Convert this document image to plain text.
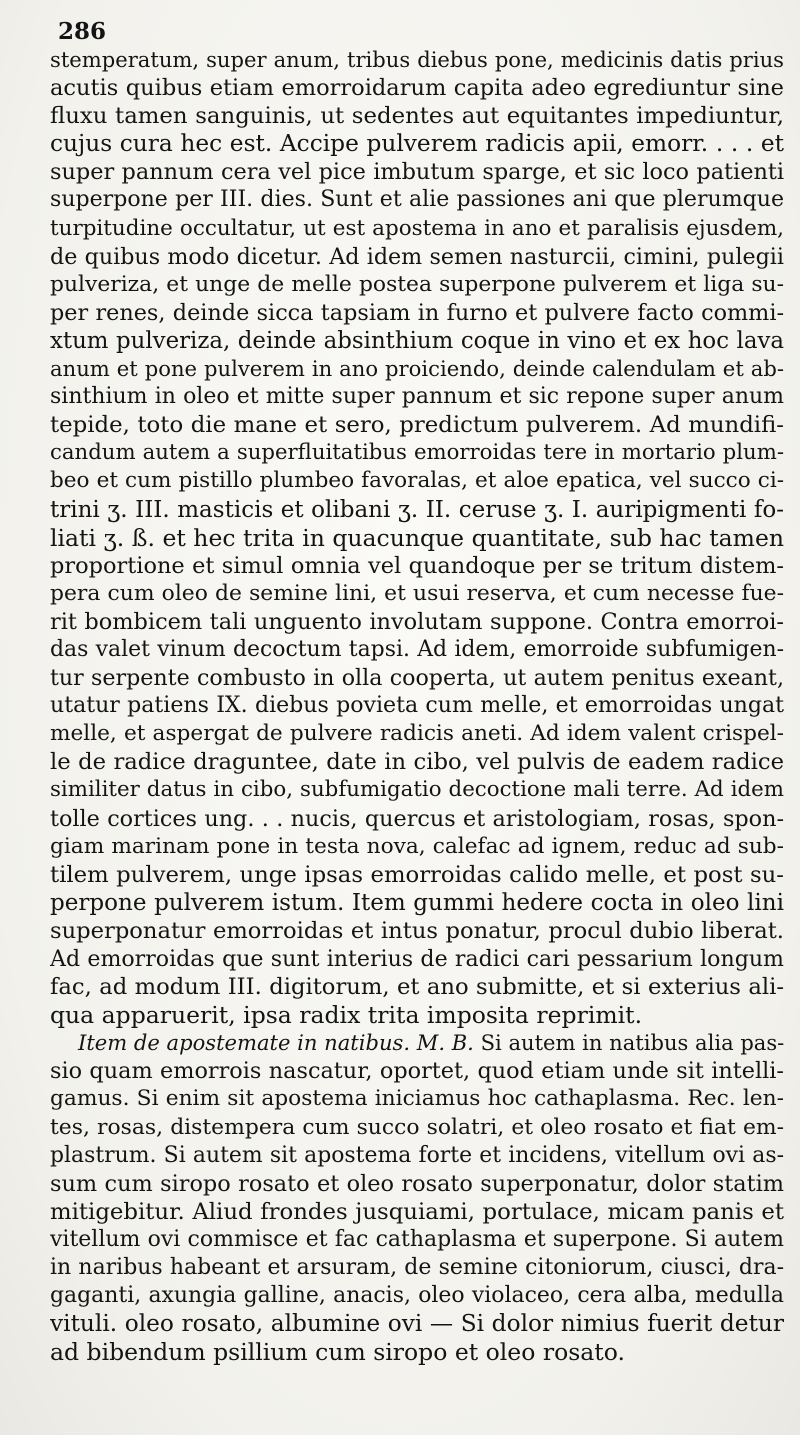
286
stemperatum, super anum, tribus diebus pone, medicinis datis prius
acutis quibus etiam emorroidarum capita adeo egrediuntur sine
fluxu tamen sanguinis, ut sedentes aut equitantes impediuntur,
cujus cura hec est. Accipe pulverem radicis apii, emorr. . . . et
super pannum cera vel pice imbutum sparge, et sic loco patienti
superpone per III. dies. Sunt et alie passiones ani que plerumque
turpitudine occultatur, ut est apostema in ano et paralisis ejusdem,
de quibus modo dicetur. Ad idem semen nasturcii, cimini, pulegii
pulveriza, et unge de melle postea superpone pulverem et liga su-
per renes, deinde sicca tapsiam in furno et pulvere facto commi-
xtum pulveriza, deinde absinthium coque in vino et ex hoc lava
anum et pone pulverem in ano proiciendo, deinde calendulam et ab-
sinthium in oleo et mitte super pannum et sic repone super anum
tepide, toto die mane et sero, predictum pulverem. Ad mundifi-
candum autem a superfluitatibus emorroidas tere in mortario plum-
beo et cum pistillo plumbeo favoralas, et aloe epatica, vel succo ci-
trini ʒ. III. masticis et olibani ʒ. II. ceruse ʒ. I. auripigmenti fo-
liati ʒ. ß. et hec trita in quacunque quantitate, sub hac tamen
proportione et simul omnia vel quandoque per se tritum distem-
pera cum oleo de semine lini, et usui reserva, et cum necesse fue-
rit bombicem tali unguento involutam suppone. Contra emorroi-
das valet vinum decoctum tapsi. Ad idem, emorroide subfumigen-
tur serpente combusto in olla cooperta, ut autem penitus exeant,
utatur patiens IX. diebus povieta cum melle, et emorroidas ungat
melle, et aspergat de pulvere radicis aneti. Ad idem valent crispel-
le de radice draguntee, date in cibo, vel pulvis de eadem radice
similiter datus in cibo, subfumigatio decoctione mali terre. Ad idem
tolle cortices ung. . . nucis, quercus et aristologiam, rosas, spon-
giam marinam pone in testa nova, calefac ad ignem, reduc ad sub-
tilem pulverem, unge ipsas emorroidas calido melle, et post su-
perpone pulverem istum. Item gummi hedere cocta in oleo lini
superponatur emorroidas et intus ponatur, procul dubio liberat.
Ad emorroidas que sunt interius de radici cari pessarium longum
fac, ad modum III. digitorum, et ano submitte, et si exterius ali-
qua apparuerit, ipsa radix trita imposita reprimit.
Item de apostemate in natibus. M. B. Si autem in natibus alia pas-
sio quam emorrois nascatur, oportet, quod etiam unde sit intelli-
gamus. Si enim sit apostema iniciamus hoc cathaplasma. Rec. len-
tes, rosas, distempera cum succo solatri, et oleo rosato et fiat em-
plastrum. Si autem sit apostema forte et incidens, vitellum ovi as-
sum cum siropo rosato et oleo rosato superponatur, dolor statim
mitigebitur. Aliud frondes jusquiami, portulace, micam panis et
vitellum ovi commisce et fac cathaplasma et superpone. Si autem
in naribus habeant et arsuram, de semine citoniorum, ciusci, dra-
gaganti, axungia galline, anacis, oleo violaceo, cera alba, medulla
vituli. oleo rosato, albumine ovi — Si dolor nimius fuerit detur
ad bibendum psillium cum siropo et oleo rosato.
